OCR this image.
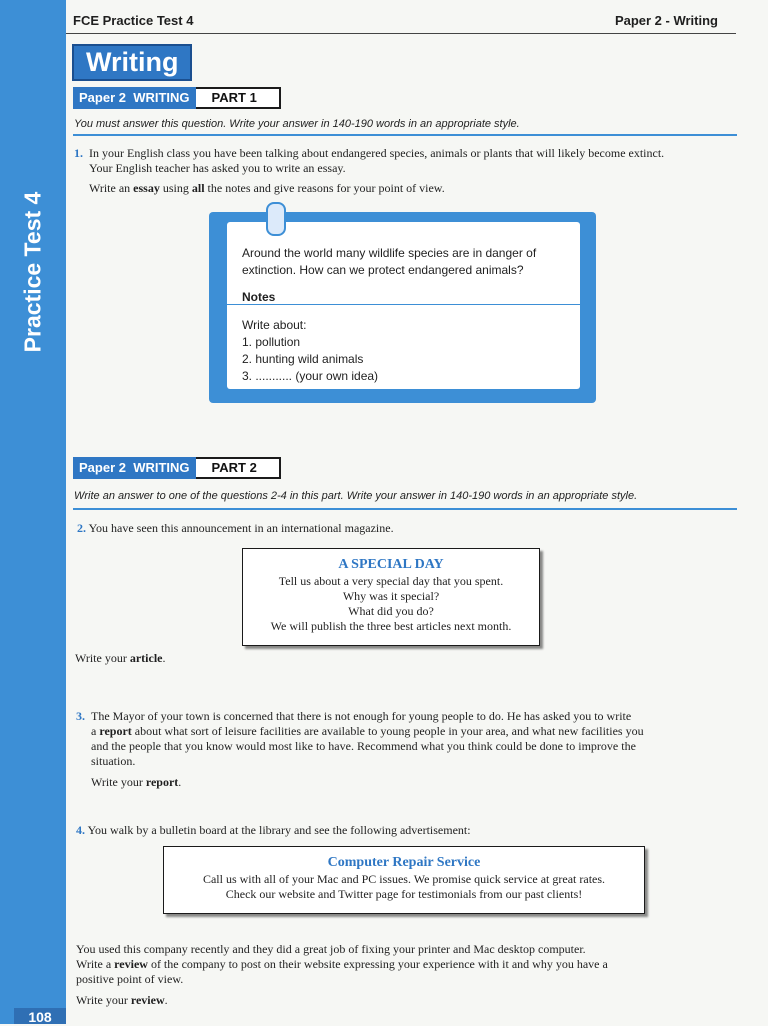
Practice Test 4
108
FCE Practice Test 4	Paper 2 - Writing
Writing
Paper 2 WRITING	PART 1
You must answer this question. Write your answer in 140-190 words in an appropriate style.
1. In your English class you have been talking about endangered species, animals or plants that will likely become extinct.
Your English teacher has asked you to write an essay.
Write an essay using all the notes and give reasons for your point of view.
Around the world many wildlife species are in danger of
extinction. How can we protect endangered animals?
Notes
Write about:
1. pollution
2. hunting wild animals
3. ........... (your own idea)
Paper 2 WRITING	PART 2
Write an answer to one of the questions 2-4 in this part. Write your answer in 140-190 words in an appropriate style.
2. You have seen this announcement in an international magazine.
A SPECIAL DAY
Tell us about a very special day that you spent.
Why was it special?
What did you do?
We will publish the three best articles next month.
Write your article.
3. The Mayor of your town is concerned that there is not enough for young people to do. He has asked you to write
a report about what sort of leisure facilities are available to young people in your area, and what new facilities you
and the people that you know would most like to have. Recommend what you think could be done to improve the
situation.
Write your report.
4. You walk by a bulletin board at the library and see the following advertisement:
Computer Repair Service
Call us with all of your Mac and PC issues. We promise quick service at great rates.
Check our website and Twitter page for testimonials from our past clients!
You used this company recently and they did a great job of fixing your printer and Mac desktop computer.
Write a review of the company to post on their website expressing your experience with it and why you have a
positive point of view.
Write your review.
